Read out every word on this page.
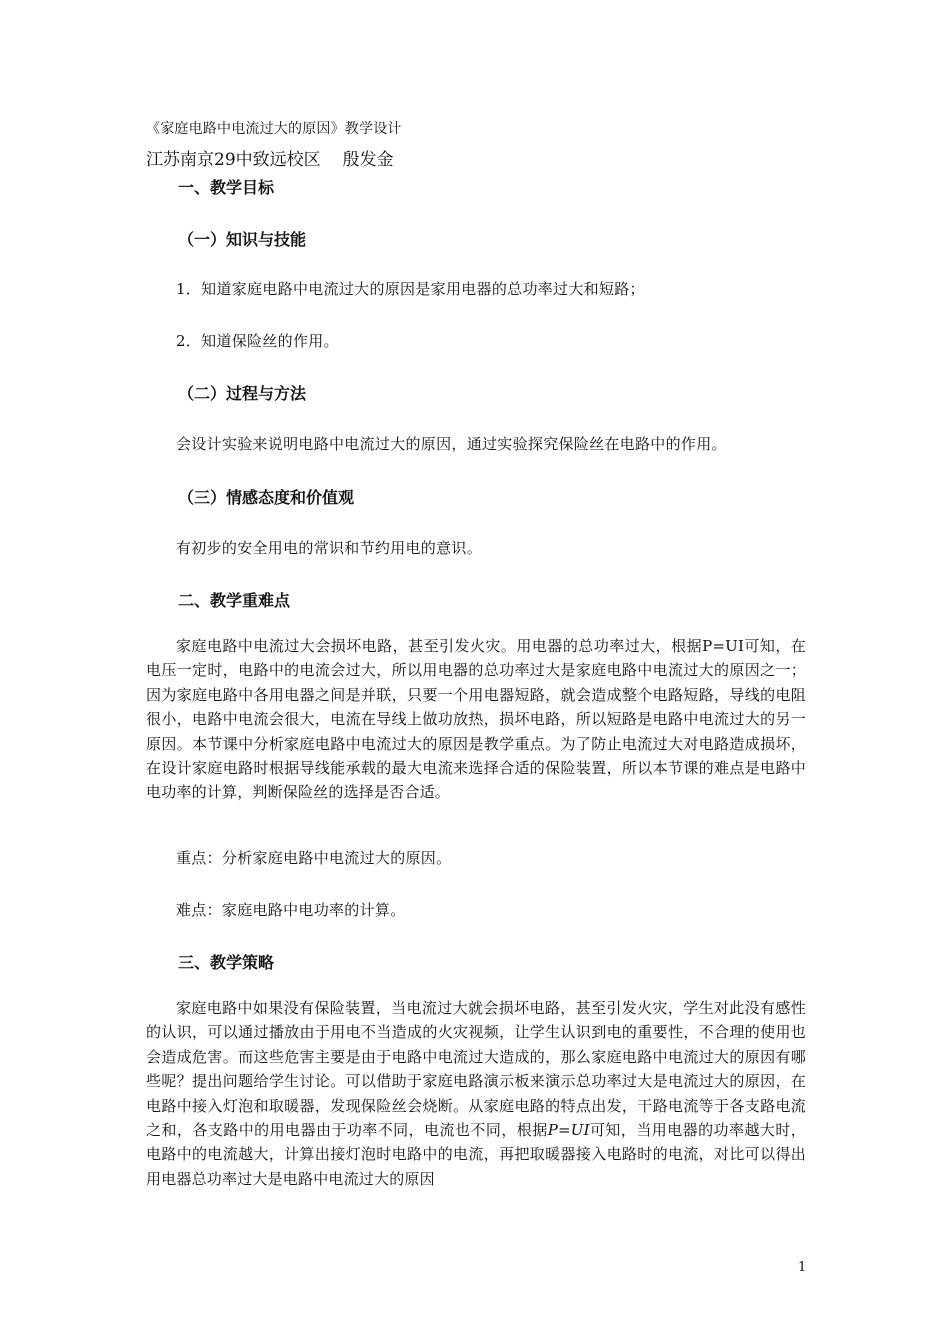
《家庭电路中电流过大的原因》教学设计
江苏南京29中致远校区 殷发金
一、教学目标
（一）知识与技能
1．知道家庭电路中电流过大的原因是家用电器的总功率过大和短路；
2．知道保险丝的作用。
（二）过程与方法
会设计实验来说明电路中电流过大的原因，通过实验探究保险丝在电路中的作用。
（三）情感态度和价值观
有初步的安全用电的常识和节约用电的意识。
二、教学重难点
家庭电路中电流过大会损坏电路，甚至引发火灾。用电器的总功率过大，根据P=UI可知，在电压一定时，电路中的电流会过大，所以用电器的总功率过大是家庭电路中电流过大的原因之一；因为家庭电路中各用电器之间是并联，只要一个用电器短路，就会造成整个电路短路，导线的电阻很小，电路中电流会很大，电流在导线上做功放热，损坏电路，所以短路是电路中电流过大的另一原因。本节课中分析家庭电路中电流过大的原因是教学重点。为了防止电流过大对电路造成损坏，在设计家庭电路时根据导线能承载的最大电流来选择合适的保险装置，所以本节课的难点是电路中电功率的计算，判断保险丝的选择是否合适。
重点：分析家庭电路中电流过大的原因。
难点：家庭电路中电功率的计算。
三、教学策略
家庭电路中如果没有保险装置，当电流过大就会损坏电路，甚至引发火灾，学生对此没有感性的认识，可以通过播放由于用电不当造成的火灾视频，让学生认识到电的重要性，不合理的使用也会造成危害。而这些危害主要是由于电路中电流过大造成的，那么家庭电路中电流过大的原因有哪些呢？提出问题给学生讨论。可以借助于家庭电路演示板来演示总功率过大是电流过大的原因，在电路中接入灯泡和取暖器，发现保险丝会烧断。从家庭电路的特点出发，干路电流等于各支路电流之和，各支路中的用电器由于功率不同，电流也不同，根据P=UI可知，当用电器的功率越大时，电路中的电流越大，计算出接灯泡时电路中的电流，再把取暖器接入电路时的电流，对比可以得出用电器总功率过大是电路中电流过大的原因
1
